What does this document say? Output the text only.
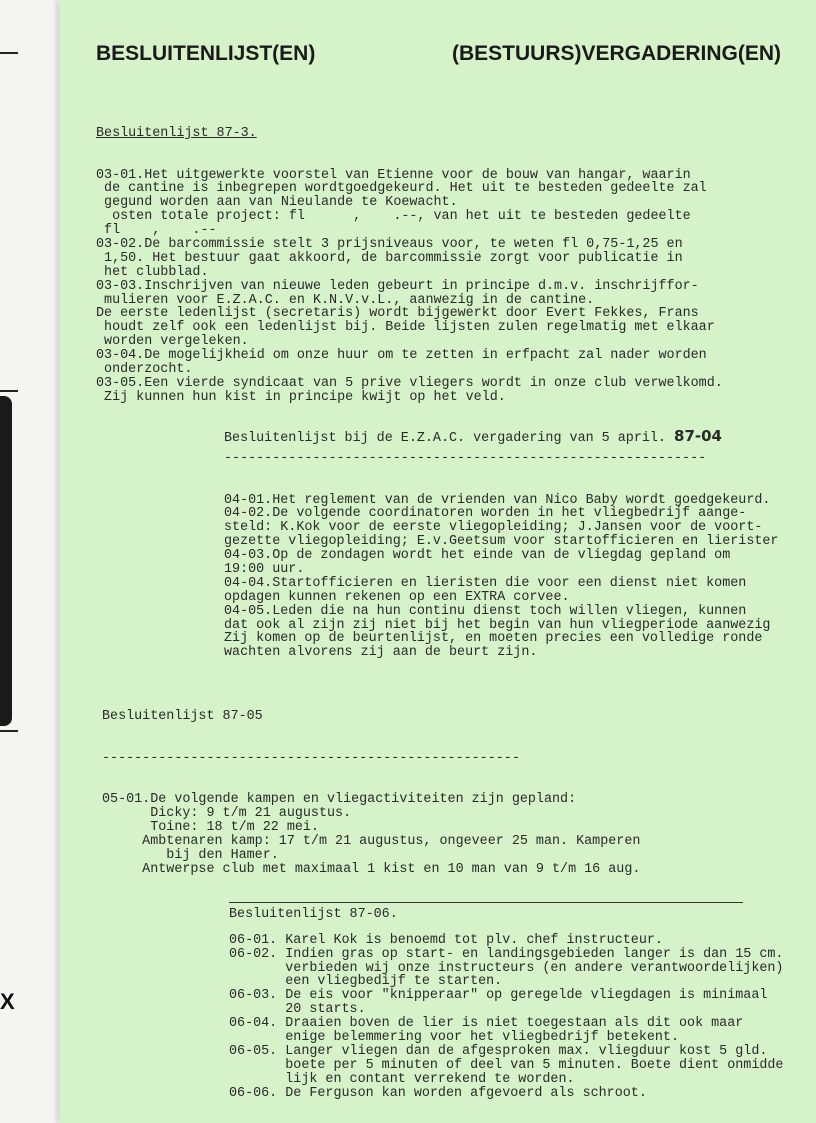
X
BESLUITENLIJST(EN)	(BESTUURS)VERGADERING(EN)

Besluitenlijst 87-3.

03-01.Het uitgewerkte voorstel van Etienne voor de bouw van hangar, waarin
de cantine is inbegrepen wordtgoedgekeurd. Het uit te besteden gedeelte zal
gegund worden aan van Nieulande te Koewacht.
osten totale project: fl      ,    .--, van het uit te besteden gedeelte
fl    ,    .--
03-02.De barcommissie stelt 3 prijsniveaus voor, te weten fl 0,75-1,25 en
1,50. Het bestuur gaat akkoord, de barcommissie zorgt voor publicatie in
het clubblad.
03-03.Inschrijven van nieuwe leden gebeurt in principe d.m.v. inschrijffor-
mulieren voor E.Z.A.C. en K.N.V.v.L., aanwezig in de cantine.
De eerste ledenlijst (secretaris) wordt bijgewerkt door Evert Fekkes, Frans
houdt zelf ook een ledenlijst bij. Beide lijsten zulen regelmatig met elkaar
worden vergeleken.
03-04.De mogelijkheid om onze huur om te zetten in erfpacht zal nader worden
onderzocht.
03-05.Een vierde syndicaat van 5 prive vliegers wordt in onze club verwelkomd.
Zij kunnen hun kist in principe kwijt op het veld.

Besluitenlijst bij de E.Z.A.C. vergadering van 5 april. 87-04

------------------------------------------------------------

04-01.Het reglement van de vrienden van Nico Baby wordt goedgekeurd.
04-02.De volgende coordinatoren worden in het vliegbedrijf aange-
steld: K.Kok voor de eerste vliegopleiding; J.Jansen voor de voort-
gezette vliegopleiding; E.v.Geetsum voor startofficieren en lierister
04-03.Op de zondagen wordt het einde van de vliegdag gepland om
19:00 uur.
04-04.Startofficieren en lieristen die voor een dienst niet komen
opdagen kunnen rekenen op een EXTRA corvee.
04-05.Leden die na hun continu dienst toch willen vliegen, kunnen
dat ook al zijn zij niet bij het begin van hun vliegperiode aanwezig
Zij komen op de beurtenlijst, en moeten precies een volledige ronde
wachten alvorens zij aan de beurt zijn.

Besluitenlijst 87-05

----------------------------------------------------

05-01.De volgende kampen en vliegactiviteiten zijn gepland:
Dicky: 9 t/m 21 augustus.
Toine: 18 t/m 22 mei.
Ambtenaren kamp: 17 t/m 21 augustus, ongeveer 25 man. Kamperen
bij den Hamer.
Antwerpse club met maximaal 1 kist en 10 man van 9 t/m 16 aug.

Besluitenlijst 87-06.

06-01. Karel Kok is benoemd tot plv. chef instructeur.
06-02. Indien gras op start- en landingsgebieden langer is dan 15 cm.
verbieden wij onze instructeurs (en andere verantwoordelijken)
een vliegbedijf te starten.
06-03. De eis voor "knipperaar" op geregelde vliegdagen is minimaal
20 starts.
06-04. Draaien boven de lier is niet toegestaan als dit ook maar
enige belemmering voor het vliegbedrijf betekent.
06-05. Langer vliegen dan de afgesproken max. vliegduur kost 5 gld.
boete per 5 minuten of deel van 5 minuten. Boete dient onmidde
lijk en contant verrekend te worden.
06-06. De Ferguson kan worden afgevoerd als schroot.
